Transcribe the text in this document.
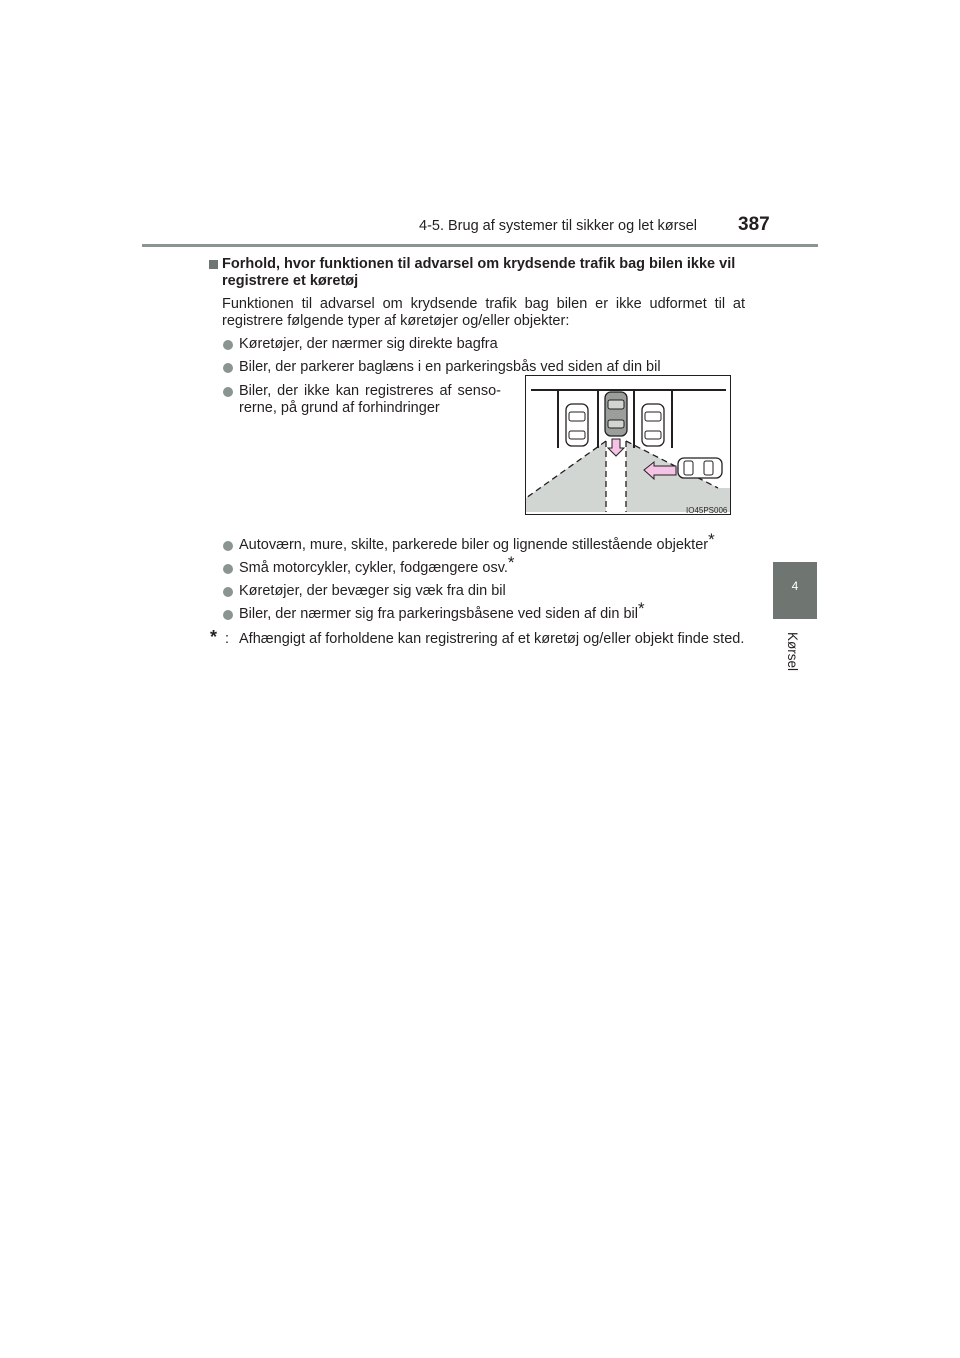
4-5. Brug af systemer til sikker og let kørsel 387
4
Kørsel
Forhold, hvor funktionen til advarsel om krydsende trafik bag bilen ikke vil registrere et køretøj
Funktionen til advarsel om krydsende trafik bag bilen er ikke udformet til at registrere følgende typer af køretøjer og/eller objekter:
Køretøjer, der nærmer sig direkte bagfra
Biler, der parkerer baglæns i en parkeringsbås ved siden af din bil
Biler, der ikke kan registreres af senso-rerne, på grund af forhindringer
IO45PS006
Autoværn, mure, skilte, parkerede biler og lignende stillestående objekter*
Små motorcykler, cykler, fodgængere osv.*
Køretøjer, der bevæger sig væk fra din bil
Biler, der nærmer sig fra parkeringsbåsene ved siden af din bil*
* : Afhængigt af forholdene kan registrering af et køretøj og/eller objekt finde sted.
